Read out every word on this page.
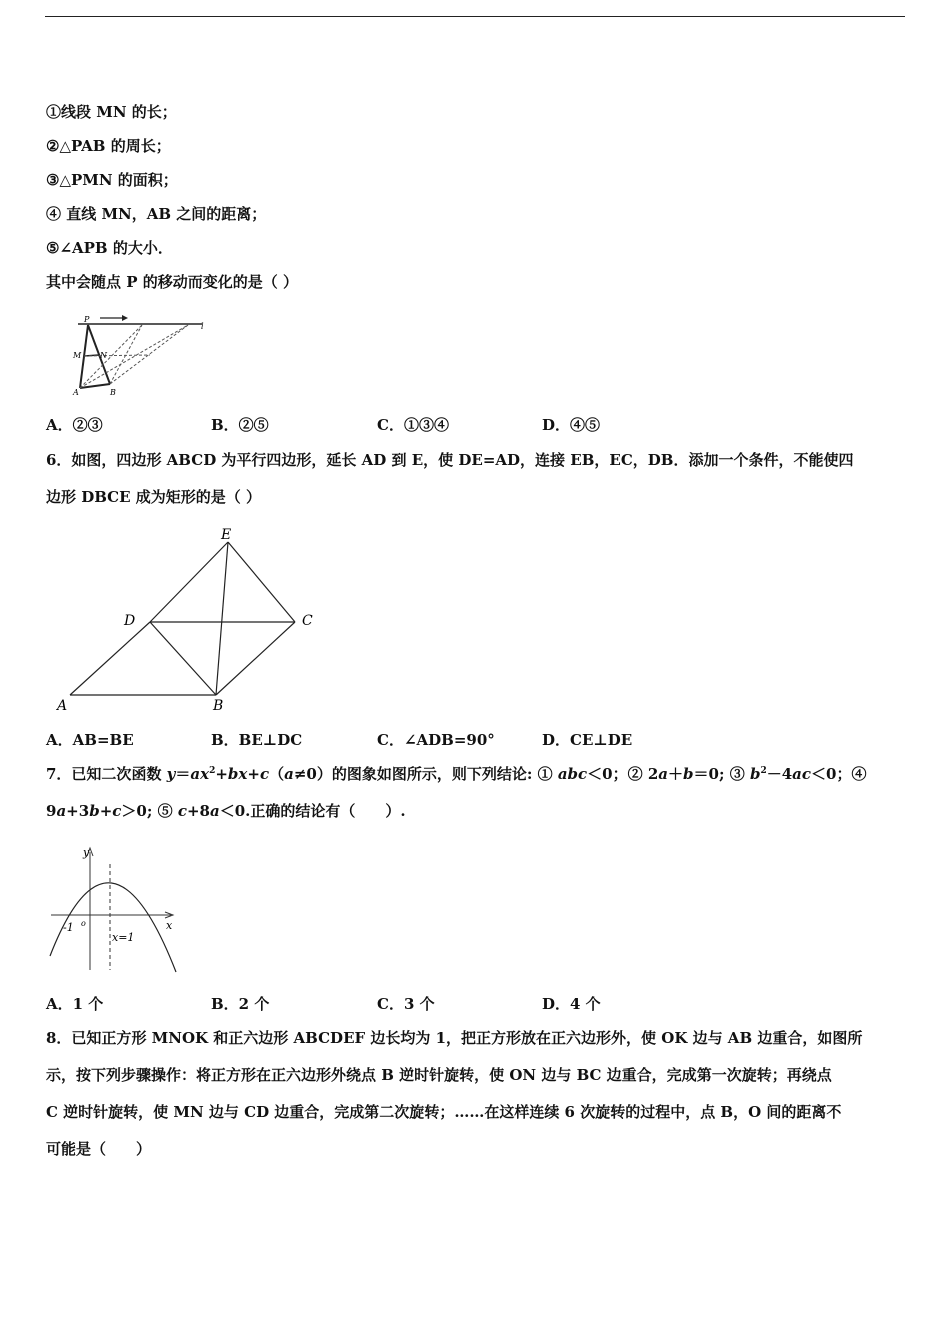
①线段 MN 的长；
②△PAB 的周长；
③△PMN 的面积；
④ 直线 MN，AB 之间的距离；
⑤∠APB 的大小．
其中会随点 P 的移动而变化的是（ ）
P
l
M N
A	B
A．②③	B．②⑤	C．①③④	D．④⑤
6．如图，四边形 ABCD 为平行四边形，延长 AD 到 E，使 DE=AD，连接 EB，EC，DB．添加一个条件，不能使四
边形 DBCE 成为矩形的是（ ）
E
D	C
A	B
A．AB=BE	B．BE⊥DC	C．∠ADB=90°	D．CE⊥DE
7．已知二次函数 $y=ax^2+bx+c(a\ne 0)$的图象如图所示，则下列结论: ① abc＜0；② 2a＋b＝0; ③ $b^2-4ac<0$；④
9a+3b+c＞0; ⑤ c+8a＜0.正确的结论有（　　）.
y
x
-1 o
x=1
A．1 个	B．2 个	C．3 个	D．4 个
8．已知正方形 MNOK 和正六边形 ABCDEF 边长均为 1，把正方形放在正六边形外，使 OK 边与 AB 边重合，如图所
示，按下列步骤操作：将正方形在正六边形外绕点 B 逆时针旋转，使 ON 边与 BC 边重合，完成第一次旋转；再绕点
C 逆时针旋转，使 MN 边与 CD 边重合，完成第二次旋转；……在这样连续 6 次旋转的过程中，点 B，O 间的距离不
可能是（　　）
